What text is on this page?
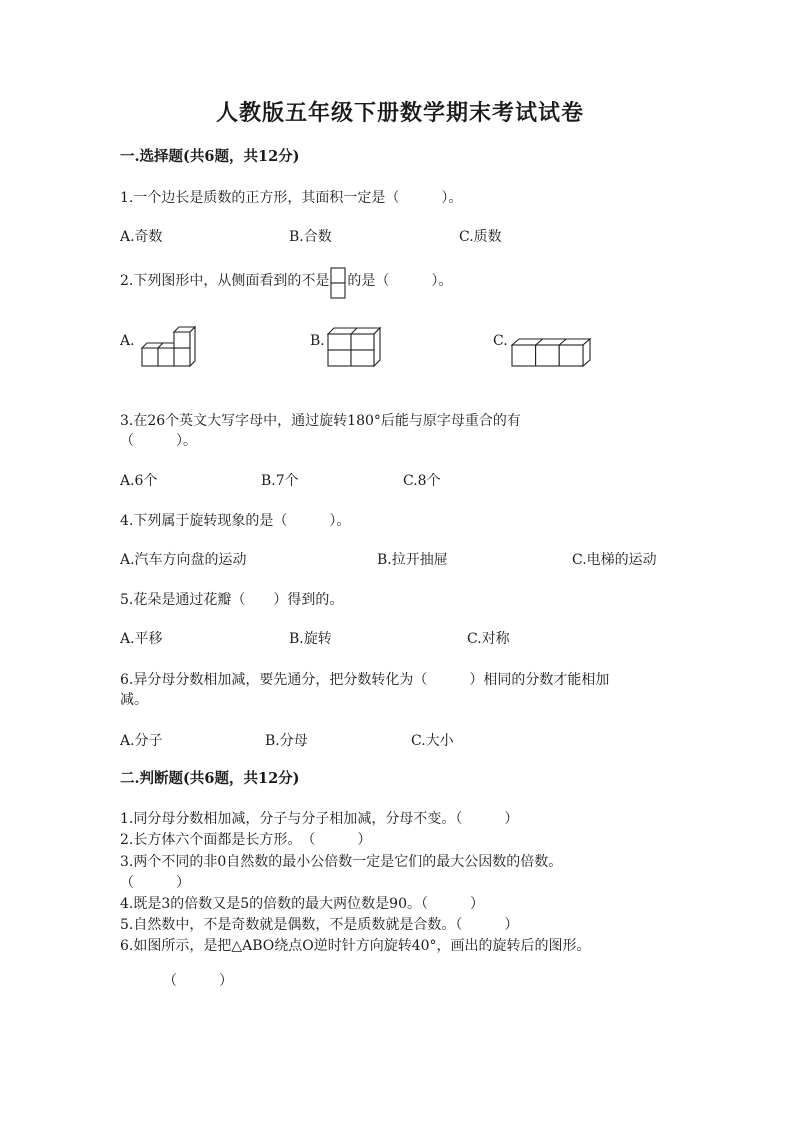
人教版五年级下册数学期末考试试卷
一.选择题(共6题，共12分)
1.一个边长是质数的正方形，其面积一定是（　　　）。
A.奇数	B.合数	C.质数
2.下列图形中，从侧面看到的不是 的是（　　　）。
A.	B.	C.
3.在26个英文大写字母中，通过旋转180°后能与原字母重合的有
（　　　）。
A.6个	B.7个	C.8个
4.下列属于旋转现象的是（　　　）。
A.汽车方向盘的运动	B.拉开抽屉	C.电梯的运动
5.花朵是通过花瓣（　　）得到的。
A.平移	B.旋转	C.对称
6.异分母分数相加减，要先通分，把分数转化为（　　　）相同的分数才能相加
减。
A.分子	B.分母	C.大小
二.判断题(共6题，共12分)
1.同分母分数相加减，分子与分子相加减，分母不变。（　　　）
2.长方体六个面都是长方形。　（　　　）
3.两个不同的非0自然数的最小公倍数一定是它们的最大公因数的倍数。
（　　　）
4.既是3的倍数又是5的倍数的最大两位数是90。（　　　）
5.自然数中，不是奇数就是偶数，不是质数就是合数。（　　　）
6.如图所示，是把△ABO绕点O逆时针方向旋转40°，画出的旋转后的图形。
（　　　）
